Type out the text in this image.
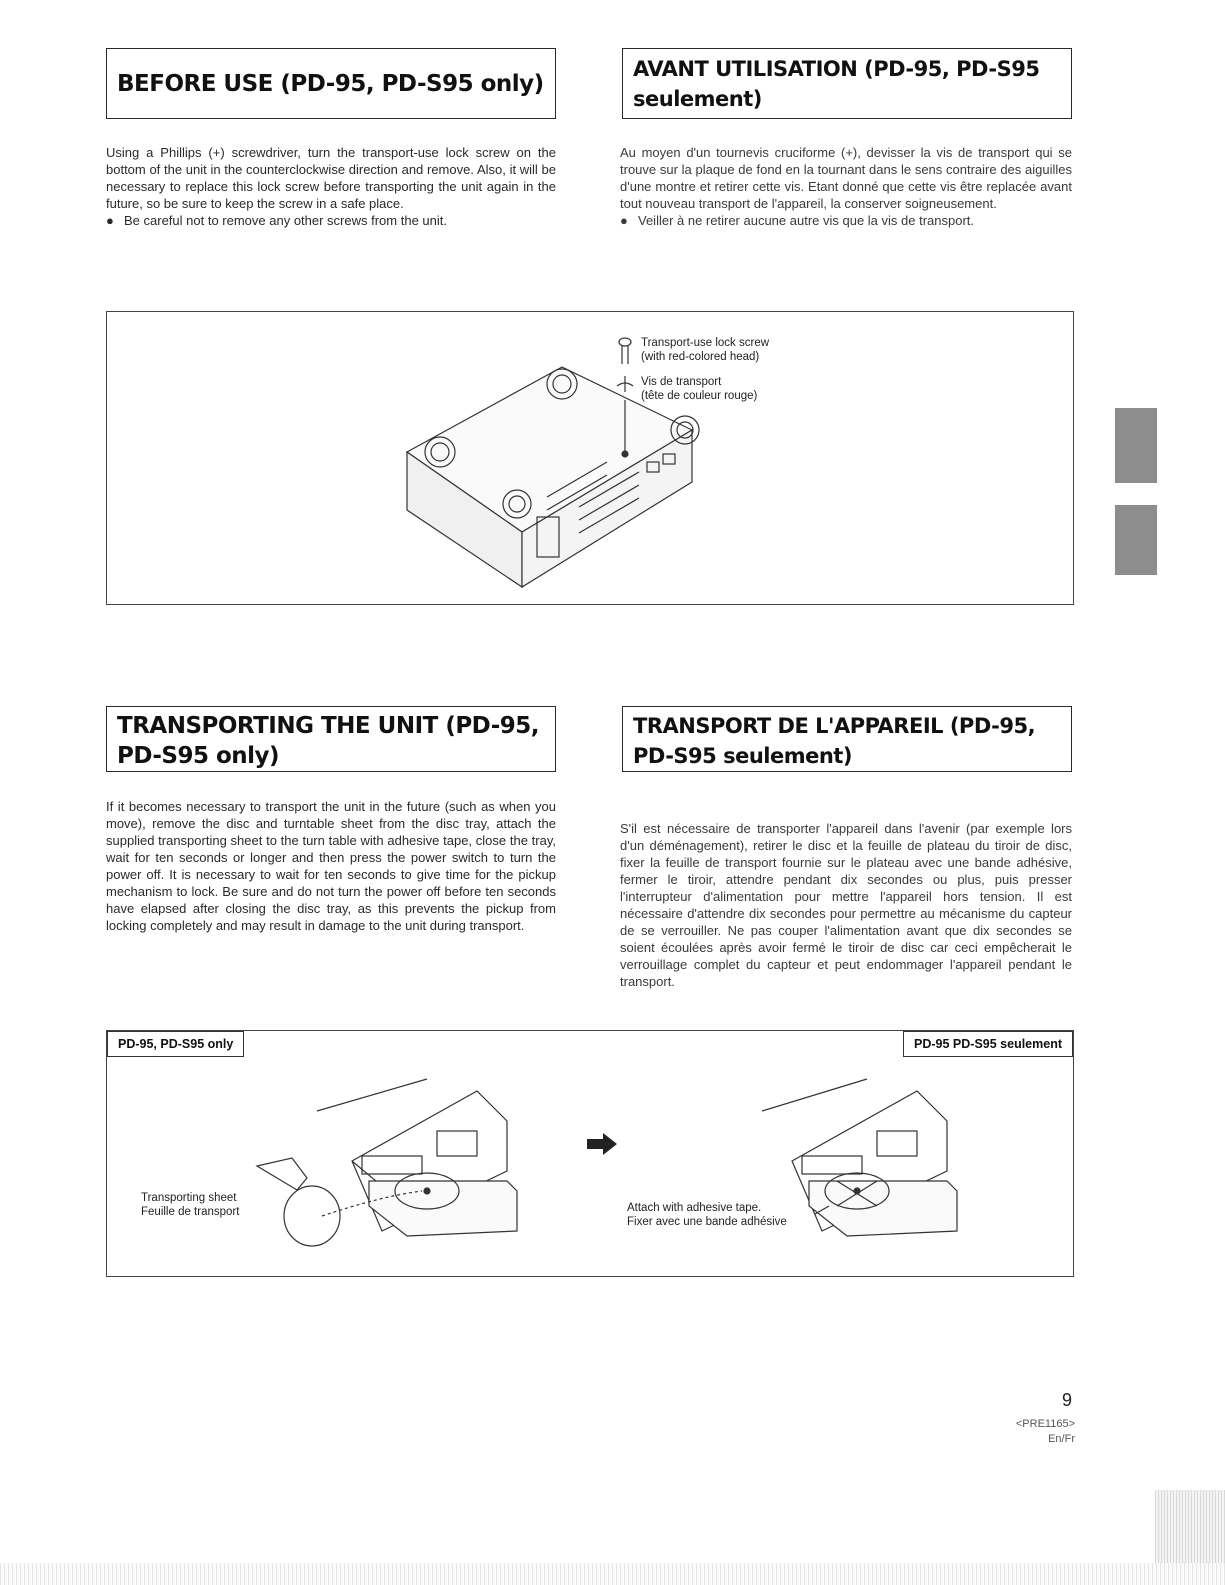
BEFORE USE (PD-95, PD-S95 only)
AVANT UTILISATION (PD-95, PD-S95 seulement)

Using a Phillips (+) screwdriver, turn the transport-use lock screw on the bottom of the unit in the counterclockwise direction and remove. Also, it will be necessary to replace this lock screw before transporting the unit again in the future, so be sure to keep the screw in a safe place.

● Be careful not to remove any other screws from the unit.

Au moyen d'un tournevis cruciforme (+), devisser la vis de transport qui se trouve sur la plaque de fond en la tournant dans le sens contraire des aiguilles d'une montre et retirer cette vis. Etant donné que cette vis être replacée avant tout nouveau transport de l'appareil, la conserver soigneusement.

● Veiller à ne retirer aucune autre vis que la vis de transport.
Transport-use lock screw
(with red-colored head)
Vis de transport
(tête de couleur rouge)
TRANSPORTING THE UNIT (PD-95, PD-S95 only)
TRANSPORT DE L'APPAREIL (PD-95, PD-S95 seulement)

If it becomes necessary to transport the unit in the future (such as when you move), remove the disc and turntable sheet from the disc tray, attach the supplied transporting sheet to the turn table with adhesive tape, close the tray, wait for ten seconds or longer and then press the power switch to turn the power off. It is necessary to wait for ten seconds to give time for the pickup mechanism to lock. Be sure and do not turn the power off before ten seconds have elapsed after closing the disc tray, as this prevents the pickup from locking completely and may result in damage to the unit during transport.

S'il est nécessaire de transporter l'appareil dans l'avenir (par exemple lors d'un déménagement), retirer le disc et la feuille de plateau du tiroir de disc, fixer la feuille de transport fournie sur le plateau avec une bande adhésive, fermer le tiroir, attendre pendant dix secondes ou plus, puis presser l'interrupteur d'alimentation pour mettre l'appareil hors tension. Il est nécessaire d'attendre dix secondes pour permettre au mécanisme du capteur de se verrouiller. Ne pas couper l'alimentation avant que dix secondes se soient écoulées après avoir fermé le tiroir de disc car ceci empêcherait le verrouillage complet du capteur et peut endommager l'appareil pendant le transport.

PD-95, PD-S95 only	PD-95 PD-S95 seulement
Transporting sheet
Feuille de transport	Attach with adhesive tape.
Fixer avec une bande adhésive
9
<PRE1165>
En/Fr
